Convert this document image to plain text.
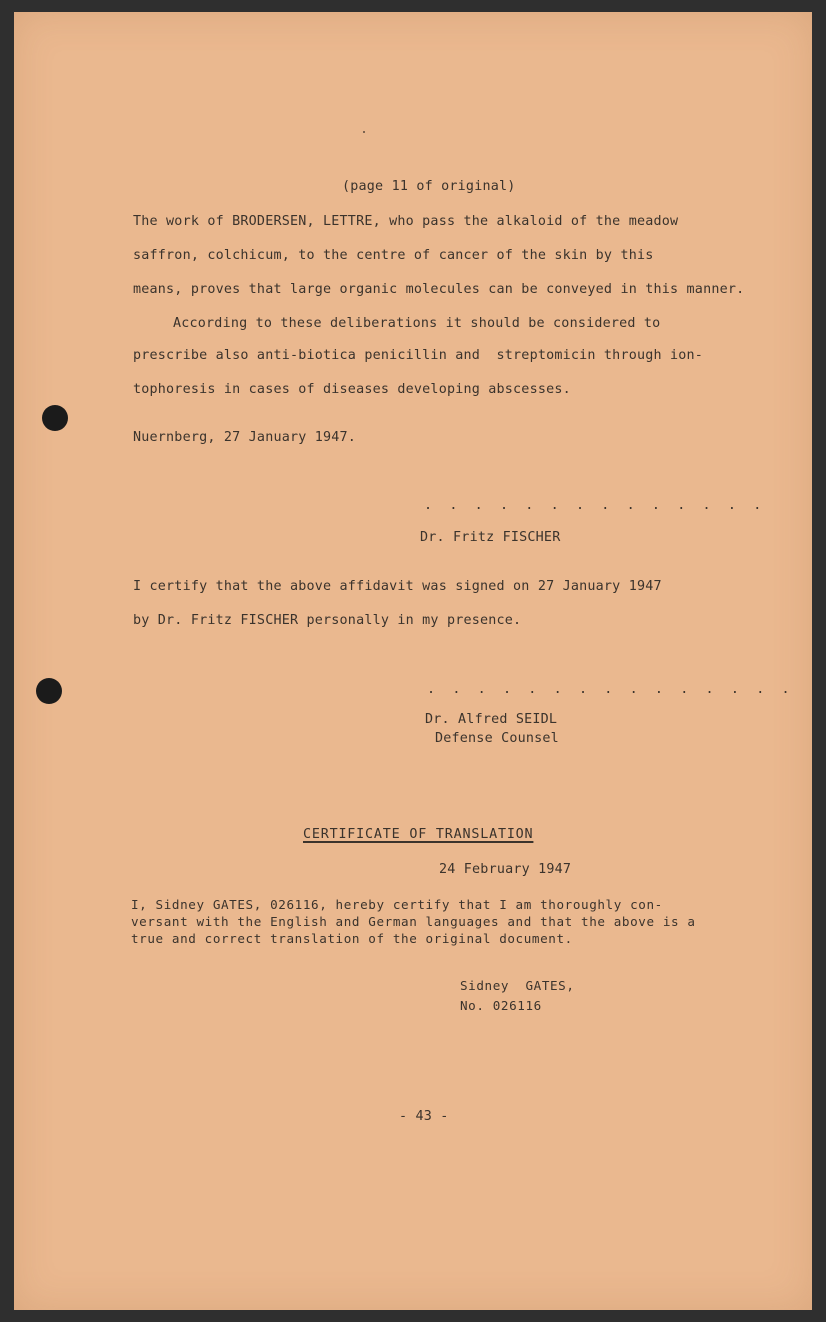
(page 11 of original)
The work of BRODERSEN, LETTRE, who pass the alkaloid of the meadow
saffron, colchicum, to the centre of cancer of the skin by this
means, proves that large organic molecules can be conveyed in this manner.
According to these deliberations it should be considered to
prescribe also anti-biotica penicillin and  streptomicin through ion-
tophoresis in cases of diseases developing abscesses.
Nuernberg, 27 January 1947.
. . . . . . . . . . . . . .
Dr. Fritz FISCHER
I certify that the above affidavit was signed on 27 January 1947
by Dr. Fritz FISCHER personally in my presence.
. . . . . . . . . . . . . . .
Dr. Alfred SEIDL
Defense Counsel
CERTIFICATE OF TRANSLATION
24 February 1947
I, Sidney GATES, 026116, hereby certify that I am thoroughly con-
versant with the English and German languages and that the above is a
true and correct translation of the original document.
Sidney  GATES,
No. 026116
- 43 -
